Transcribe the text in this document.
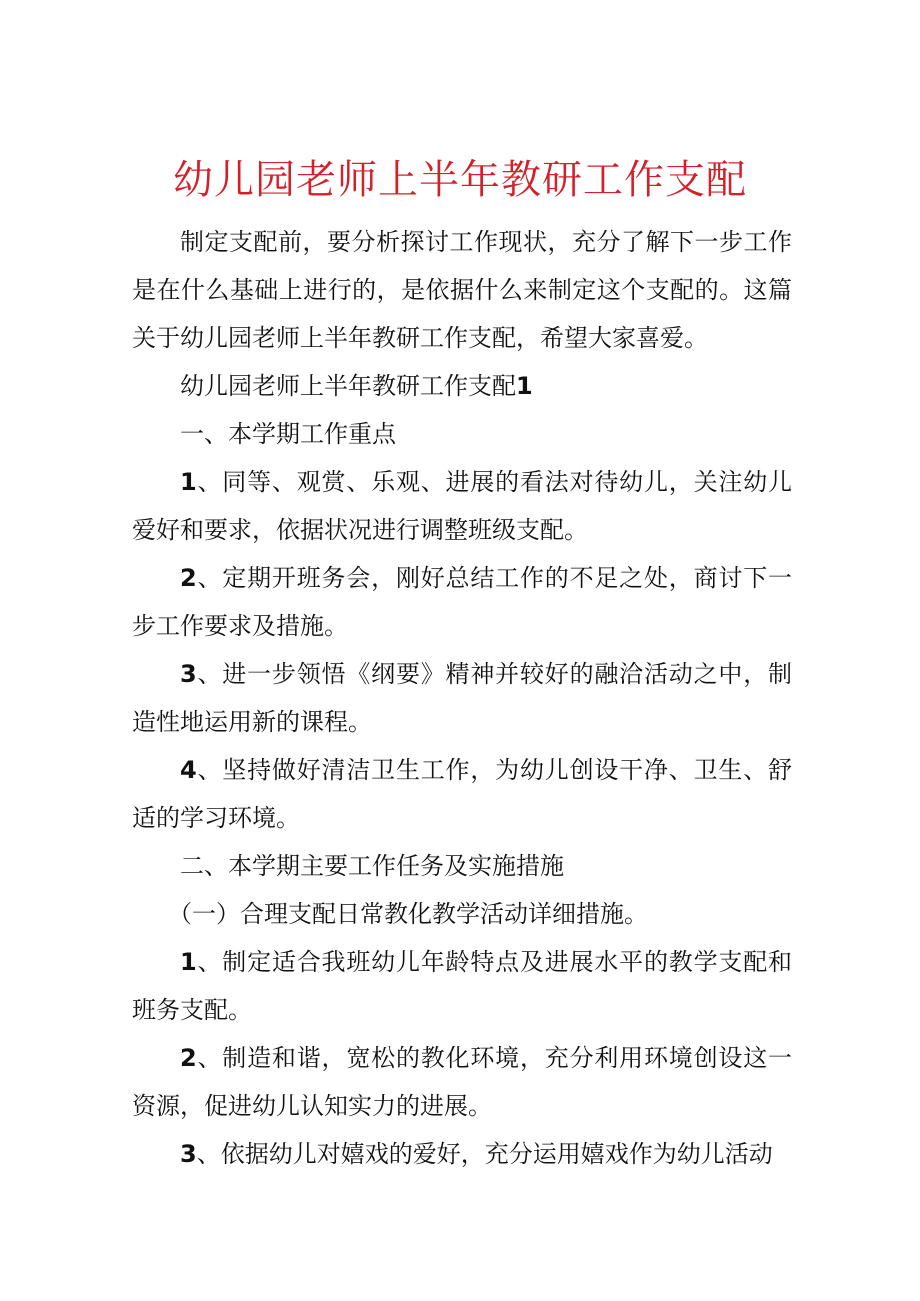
幼儿园老师上半年教研工作支配

制定支配前，要分析探讨工作现状，充分了解下一步工作是在什么基础上进行的，是依据什么来制定这个支配的。这篇关于幼儿园老师上半年教研工作支配，希望大家喜爱。

幼儿园老师上半年教研工作支配1

一、本学期工作重点

1、同等、观赏、乐观、进展的看法对待幼儿，关注幼儿爱好和要求，依据状况进行调整班级支配。

2、定期开班务会，刚好总结工作的不足之处，商讨下一步工作要求及措施。

3、进一步领悟《纲要》精神并较好的融洽活动之中，制造性地运用新的课程。

4、坚持做好清洁卫生工作，为幼儿创设干净、卫生、舒适的学习环境。

二、本学期主要工作任务及实施措施

（一）合理支配日常教化教学活动详细措施。

1、制定适合我班幼儿年龄特点及进展水平的教学支配和班务支配。

2、制造和谐，宽松的教化环境，充分利用环境创设这一资源，促进幼儿认知实力的进展。

3、依据幼儿对嬉戏的爱好，充分运用嬉戏作为幼儿活动
